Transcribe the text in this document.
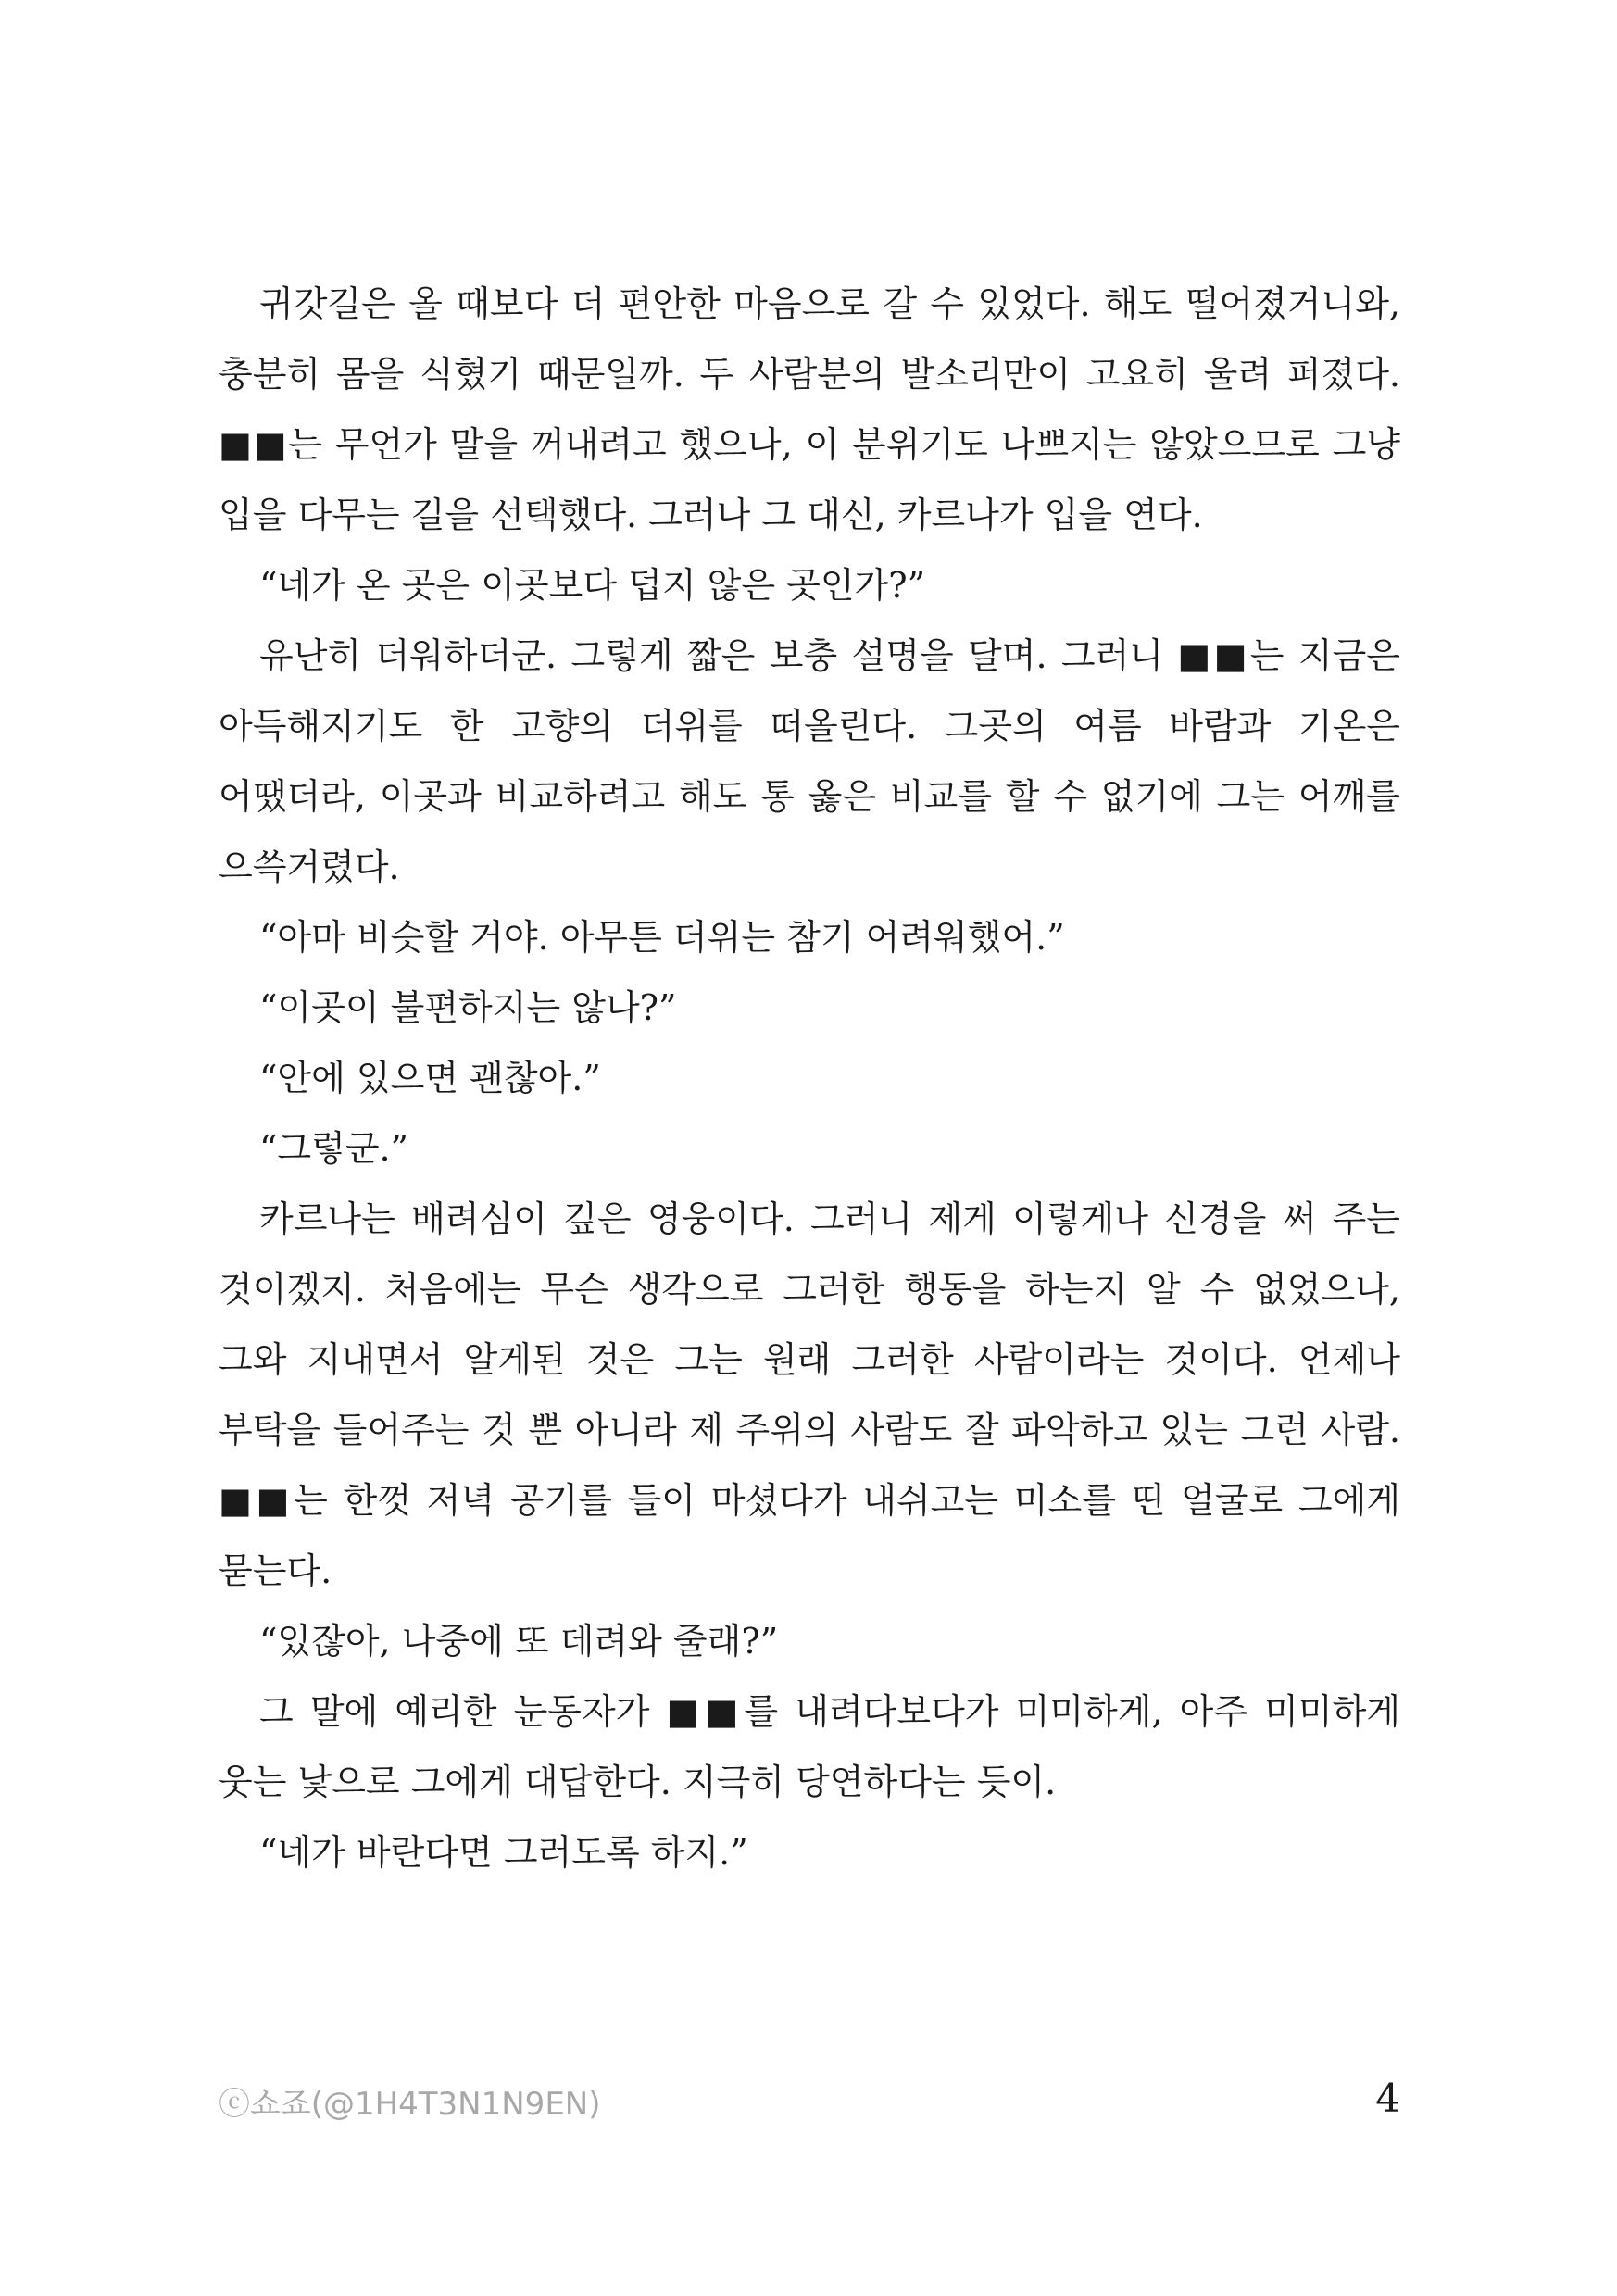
귀갓길은 올 때보다 더 편안한 마음으로 갈 수 있었다. 해도 떨어졌거니와, 충분히 몸을 식혔기 때문일까. 두 사람분의 발소리만이 고요히 울려 퍼졌다. ■■는 무언가 말을 꺼내려고 했으나, 이 분위기도 나쁘지는 않았으므로 그냥 입을 다무는 길을 선택했다. 그러나 그 대신, 카르나가 입을 연다.

“네가 온 곳은 이곳보다 덥지 않은 곳인가?”

유난히 더워하더군. 그렇게 짧은 보충 설명을 달며. 그러니 ■■는 지금은 아득해지기도 한 고향의 더위를 떠올린다. 그곳의 여름 바람과 기온은 어땠더라, 이곳과 비교하려고 해도 통 옳은 비교를 할 수 없기에 그는 어깨를 으쓱거렸다.

“아마 비슷할 거야. 아무튼 더위는 참기 어려워했어.”

“이곳이 불편하지는 않나?”

“안에 있으면 괜찮아.”

“그렇군.”

카르나는 배려심이 깊은 영웅이다. 그러니 제게 이렇게나 신경을 써 주는 것이겠지. 처음에는 무슨 생각으로 그러한 행동을 하는지 알 수 없었으나, 그와 지내면서 알게된 것은 그는 원래 그러한 사람이라는 것이다. 언제나 부탁을 들어주는 것 뿐 아니라 제 주위의 사람도 잘 파악하고 있는 그런 사람. ■■는 한껏 저녁 공기를 들이 마셨다가 내쉬고는 미소를 띤 얼굴로 그에게 묻는다.

“있잖아, 나중에 또 데려와 줄래?”

그 말에 예리한 눈동자가 ■■를 내려다보다가 미미하게, 아주 미미하게 웃는 낯으로 그에게 대답한다. 지극히 당연하다는 듯이.

“네가 바란다면 그러도록 하지.”

ⓒ쇼죠(@1H4T3N1N9EN)	4
